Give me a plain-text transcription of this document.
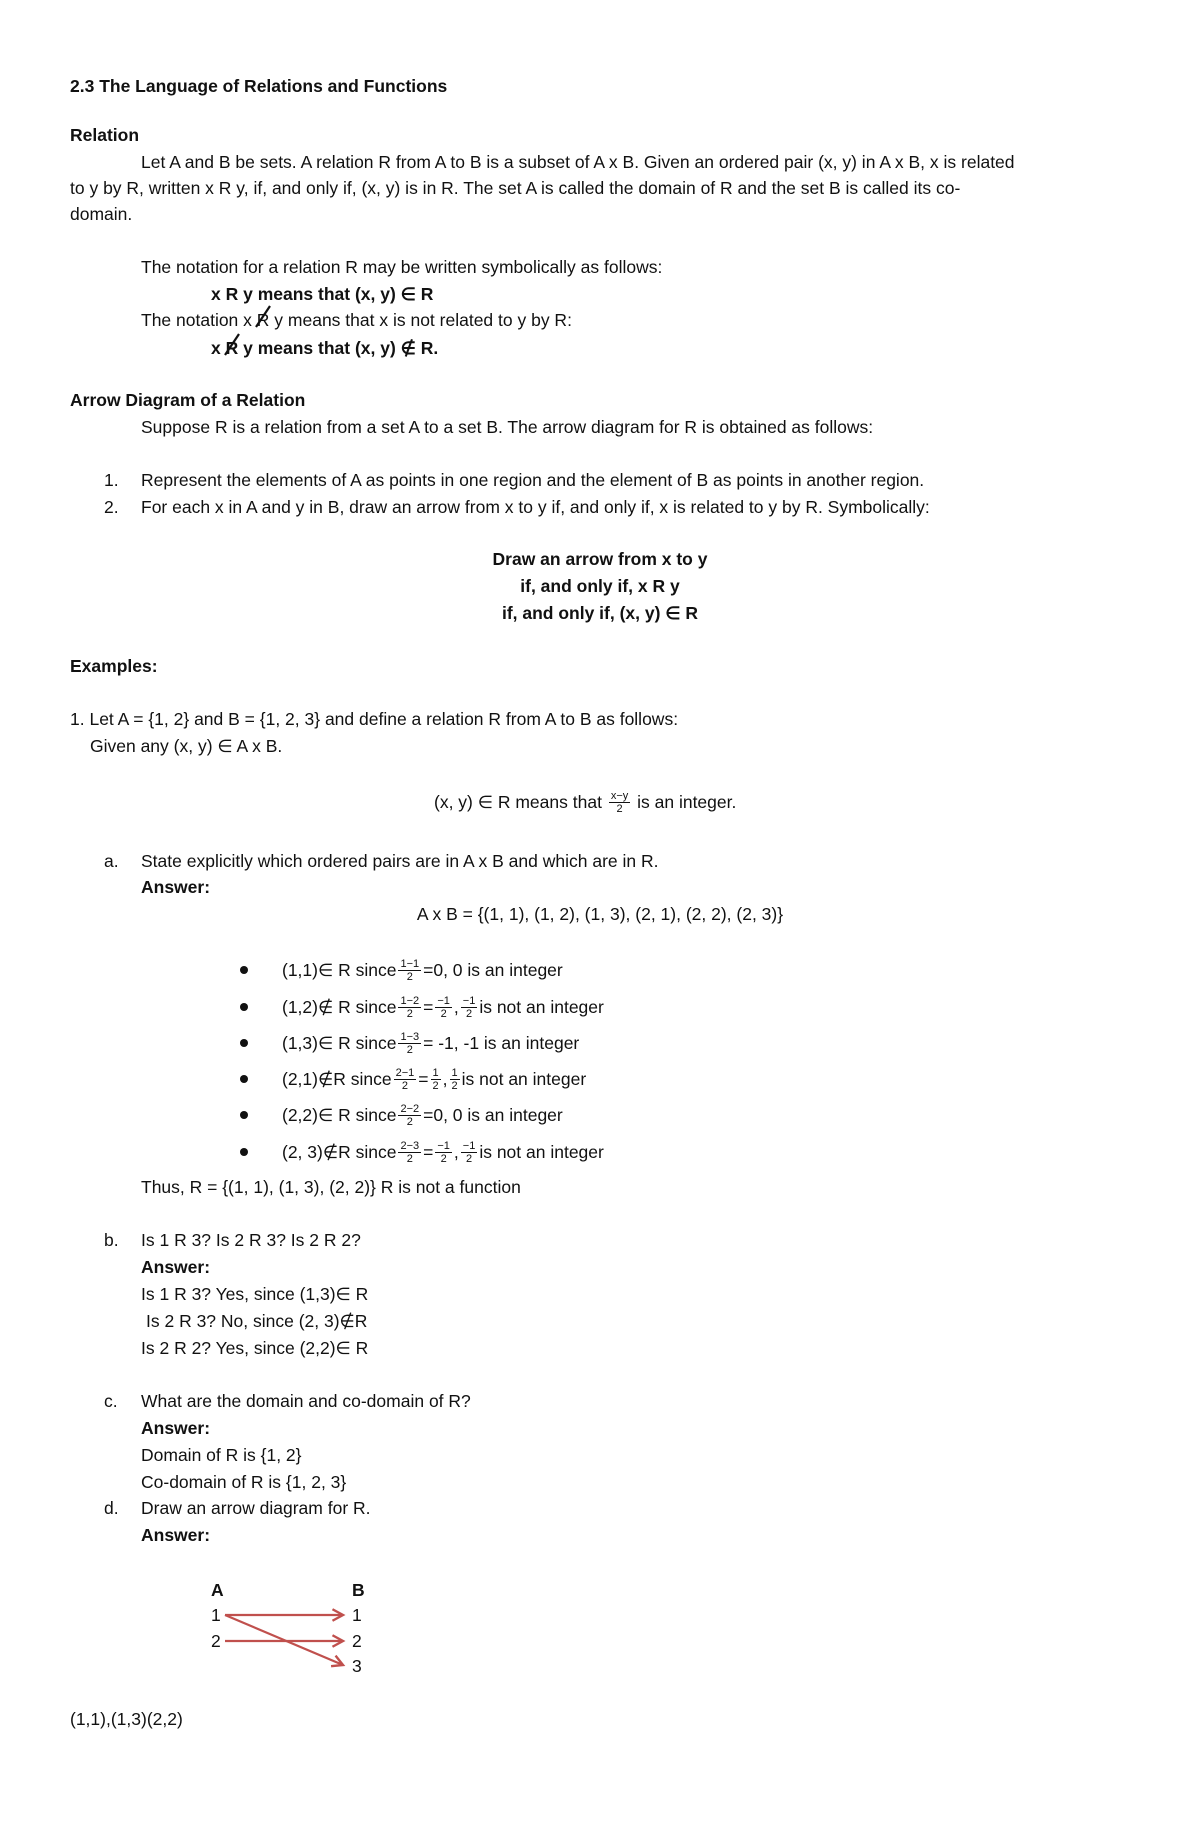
2.3 The Language of Relations and Functions
Relation
Let A and B be sets. A relation R from A to B is a subset of A x B. Given an ordered pair (x, y) in A x B, x is related
to y by R, written x R y, if, and only if, (x, y) is in R. The set A is called the domain of R and the set B is called its co-
domain.
The notation for a relation R may be written symbolically as follows:
x R y means that (x, y) ∈ R
The notation x R y means that x is not related to y by R:
x R y means that (x, y) ∉ R.
Arrow Diagram of a Relation
Suppose R is a relation from a set A to a set B. The arrow diagram for R is obtained as follows:
1. Represent the elements of A as points in one region and the element of B as points in another region.
2. For each x in A and y in B, draw an arrow from x to y if, and only if, x is related to y by R. Symbolically:
Draw an arrow from x to y
if, and only if, x R y
if, and only if, (x, y) ∈ R
Examples:
1. Let A = {1, 2} and B = {1, 2, 3} and define a relation R from A to B as follows:
Given any (x, y) ∈ A x B.
(x, y) ∈ R means that $\frac{x-y}{2}$ is an integer.
a. State explicitly which ordered pairs are in A x B and which are in R.
Answer:
A x B = {(1, 1), (1, 2), (1, 3), (2, 1), (2, 2), (2, 3)}
(1,1)∈ R since $\frac{1-1}{2} =0$, 0 is an integer
(1,2)∉ R since $\frac{1-2}{2} = \frac{-1}{2}$ , $\frac{-1}{2}$ is not an integer
(1,3)∈ R since $\frac{1-3}{2} = -1$, -1 is an integer
(2,1)∉R since $\frac{2-1}{2} = \frac{1}{2}$ , $\frac{1}{2}$ is not an integer
(2,2)∈ R since $\frac{2-2}{2} =0$, 0 is an integer
(2, 3)∉R since $\frac{2-3}{2} = \frac{-1}{2}$ , $\frac{-1}{2}$ is not an integer
Thus, R = {(1, 1), (1, 3), (2, 2)} R is not a function
b. Is 1 R 3? Is 2 R 3? Is 2 R 2?
Answer:
Is 1 R 3? Yes, since (1,3)∈ R
Is 2 R 3? No, since (2, 3)∉R
Is 2 R 2? Yes, since (2,2)∈ R
c. What are the domain and co-domain of R?
Answer:
Domain of R is {1, 2}
Co-domain of R is {1, 2, 3}
d. Draw an arrow diagram for R.
Answer:
A	B
1
2
1
2
3
(1,1),(1,3)(2,2)
